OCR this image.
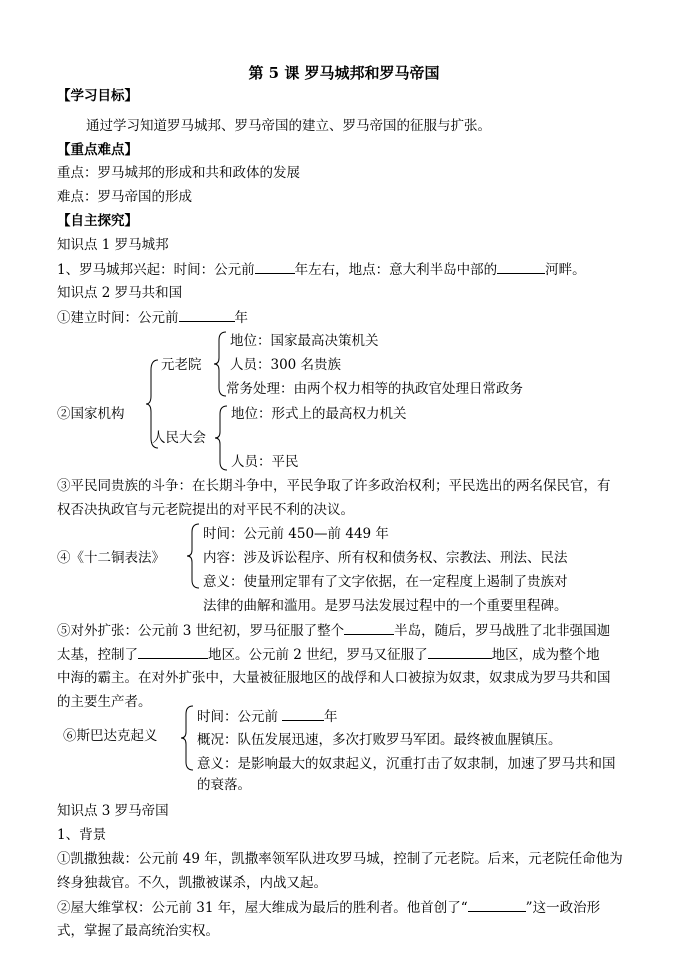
第 5 课 罗马城邦和罗马帝国
【学习目标】
通过学习知道罗马城邦、罗马帝国的建立、罗马帝国的征服与扩张。
【重点难点】
重点：罗马城邦的形成和共和政体的发展
难点：罗马帝国的形成
【自主探究】
知识点 1 罗马城邦
1、罗马城邦兴起：时间：公元前	年左右，地点：意大利半岛中部的	河畔。
知识点 2 罗马共和国
①建立时间：公元前	年
②国家机构
元老院
地位：国家最高决策机关
人员：300 名贵族
常务处理：由两个权力相等的执政官处理日常政务
人民大会
地位：形式上的最高权力机关
人员：平民
③平民同贵族的斗争：在长期斗争中，平民争取了许多政治权利；平民选出的两名保民官，有
权否决执政官与元老院提出的对平民不利的决议。
④《十二铜表法》
时间：公元前 450—前 449 年
内容：涉及诉讼程序、所有权和债务权、宗教法、刑法、民法
意义：使量刑定罪有了文字依据，在一定程度上遏制了贵族对
法律的曲解和滥用。是罗马法发展过程中的一个重要里程碑。
⑤对外扩张：公元前 3 世纪初，罗马征服了整个	半岛，随后，罗马战胜了北非强国迦
太基，控制了	地区。公元前 2 世纪，罗马又征服了	地区，成为整个地
中海的霸主。在对外扩张中，大量被征服地区的战俘和人口被掠为奴隶，奴隶成为罗马共和国
的主要生产者。
⑥斯巴达克起义
时间：公元前	年
概况：队伍发展迅速，多次打败罗马军团。最终被血腥镇压。
意义：是影响最大的奴隶起义，沉重打击了奴隶制，加速了罗马共和国
的衰落。
知识点 3 罗马帝国
1、背景
①凯撒独裁：公元前 49 年，凯撒率领军队进攻罗马城，控制了元老院。后来，元老院任命他为
终身独裁官。不久，凯撒被谋杀，内战又起。
②屋大维掌权：公元前 31 年，屋大维成为最后的胜利者。他首创了“	”这一政治形
式，掌握了最高统治实权。
